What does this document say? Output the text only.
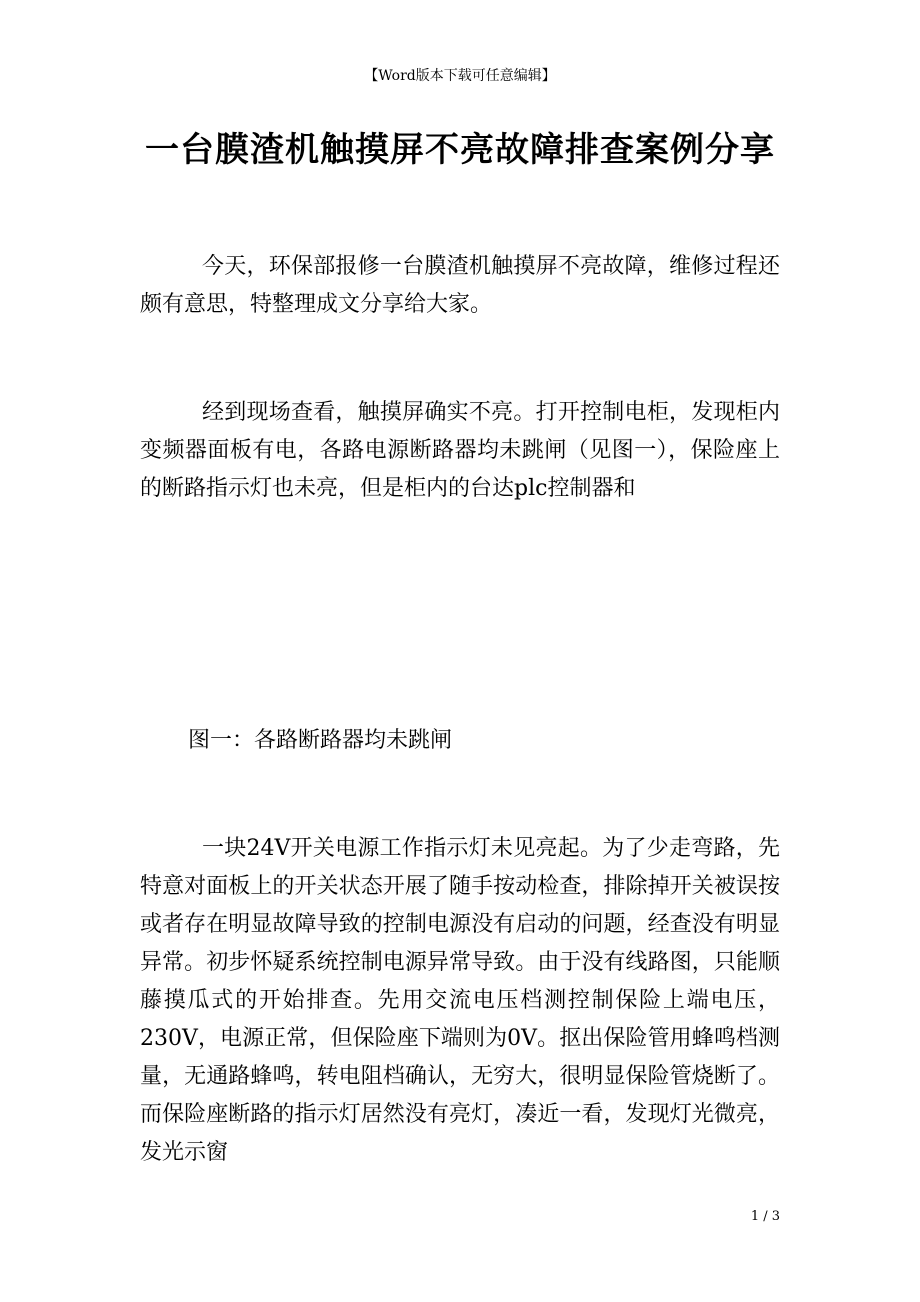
【Word版本下载可任意编辑】
一台膜渣机触摸屏不亮故障排查案例分享

今天，环保部报修一台膜渣机触摸屏不亮故障，维修过程还颇有意思，特整理成文分享给大家。

经到现场查看，触摸屏确实不亮。打开控制电柜，发现柜内变频器面板有电，各路电源断路器均未跳闸（见图一），保险座上的断路指示灯也未亮，但是柜内的台达plc控制器和

图一：各路断路器均未跳闸

一块24V开关电源工作指示灯未见亮起。为了少走弯路，先特意对面板上的开关状态开展了随手按动检查，排除掉开关被误按或者存在明显故障导致的控制电源没有启动的问题，经查没有明显异常。初步怀疑系统控制电源异常导致。由于没有线路图，只能顺藤摸瓜式的开始排查。先用交流电压档测控制保险上端电压，230V，电源正常，但保险座下端则为0V。抠出保险管用蜂鸣档测量，无通路蜂鸣，转电阻档确认，无穷大，很明显保险管烧断了。而保险座断路的指示灯居然没有亮灯，凑近一看，发现灯光微亮，发光示窗

1 / 3
